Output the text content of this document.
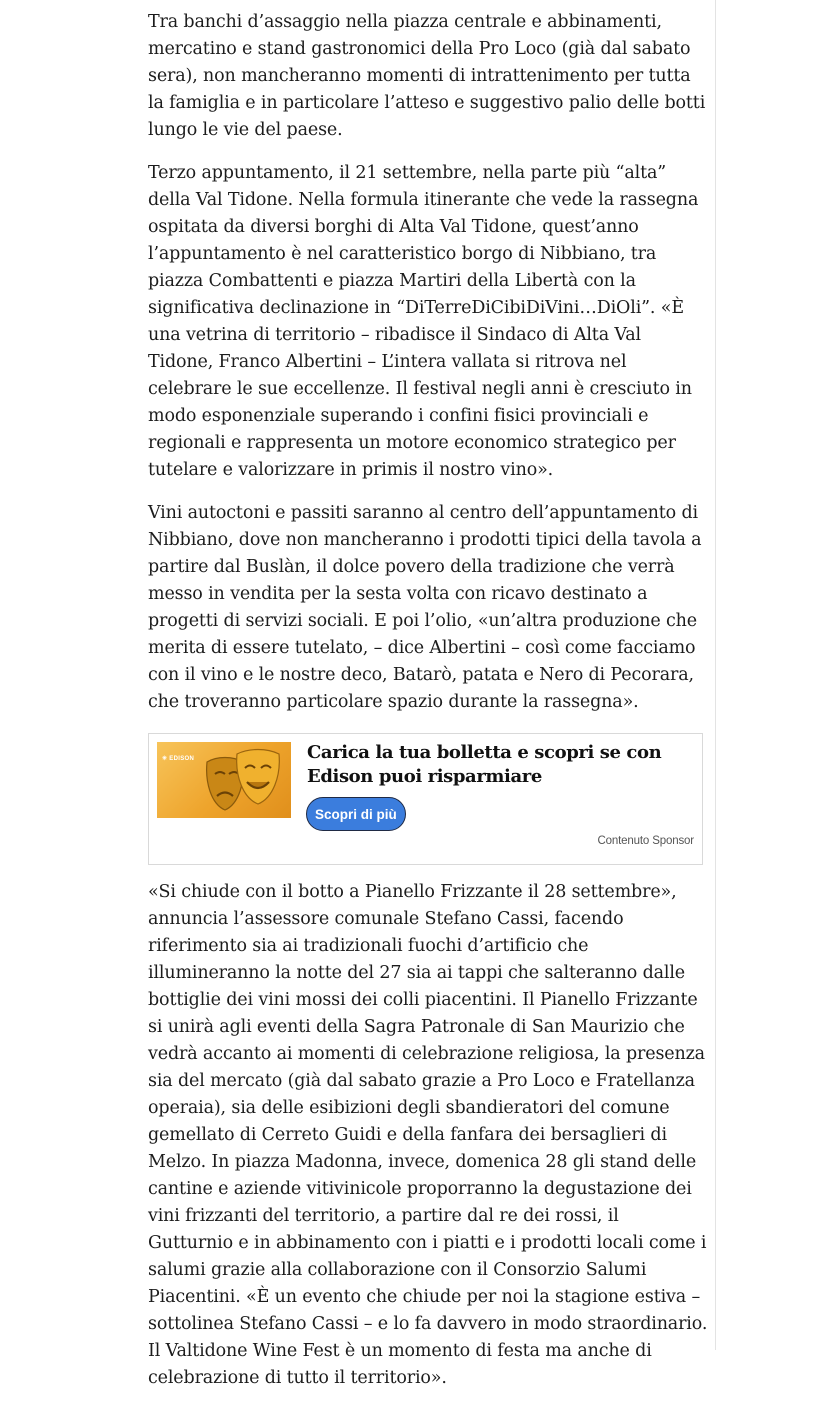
Tra banchi d’assaggio nella piazza centrale e abbinamenti, mercatino e stand gastronomici della Pro Loco (già dal sabato sera), non mancheranno momenti di intrattenimento per tutta la famiglia e in particolare l’atteso e suggestivo palio delle botti lungo le vie del paese.

Terzo appuntamento, il 21 settembre, nella parte più “alta” della Val Tidone. Nella formula itinerante che vede la rassegna ospitata da diversi borghi di Alta Val Tidone, quest’anno l’appuntamento è nel caratteristico borgo di Nibbiano, tra piazza Combattenti e piazza Martiri della Libertà con la significativa declinazione in “DiTerreDiCibiDiVini…DiOli”. «È una vetrina di territorio – ribadisce il Sindaco di Alta Val Tidone, Franco Albertini – L’intera vallata si ritrova nel celebrare le sue eccellenze. Il festival negli anni è cresciuto in modo esponenziale superando i confini fisici provinciali e regionali e rappresenta un motore economico strategico per tutelare e valorizzare in primis il nostro vino».

Vini autoctoni e passiti saranno al centro dell’appuntamento di Nibbiano, dove non mancheranno i prodotti tipici della tavola a partire dal Buslàn, il dolce povero della tradizione che verrà messo in vendita per la sesta volta con ricavo destinato a progetti di servizi sociali. E poi l’olio, «un’altra produzione che merita di essere tutelato, – dice Albertini – così come facciamo con il vino e le nostre deco, Batarò, patata e Nero di Pecorara, che troveranno particolare spazio durante la rassegna».

✳ EDISON	Carica la tua bolletta e scopri se con Edison puoi risparmiare
Scopri di più
Contenuto Sponsor

«Si chiude con il botto a Pianello Frizzante il 28 settembre», annuncia l’assessore comunale Stefano Cassi, facendo riferimento sia ai tradizionali fuochi d’artificio che illumineranno la notte del 27 sia ai tappi che salteranno dalle bottiglie dei vini mossi dei colli piacentini. Il Pianello Frizzante si unirà agli eventi della Sagra Patronale di San Maurizio che vedrà accanto ai momenti di celebrazione religiosa, la presenza sia del mercato (già dal sabato grazie a Pro Loco e Fratellanza operaia), sia delle esibizioni degli sbandieratori del comune gemellato di Cerreto Guidi e della fanfara dei bersaglieri di Melzo. In piazza Madonna, invece, domenica 28 gli stand delle cantine e aziende vitivinicole proporranno la degustazione dei vini frizzanti del territorio, a partire dal re dei rossi, il Gutturnio e in abbinamento con i piatti e i prodotti locali come i salumi grazie alla collaborazione con il Consorzio Salumi Piacentini. «È un evento che chiude per noi la stagione estiva – sottolinea Stefano Cassi – e lo fa davvero in modo straordinario. Il Valtidone Wine Fest è un momento di festa ma anche di celebrazione di tutto il territorio».
